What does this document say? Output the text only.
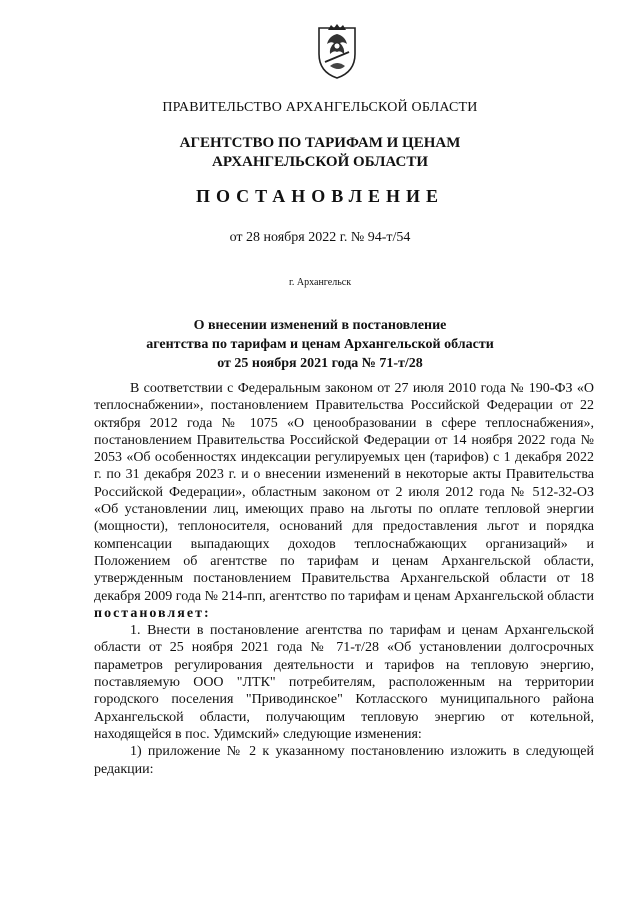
ПРАВИТЕЛЬСТВО АРХАНГЕЛЬСКОЙ ОБЛАСТИ
АГЕНТСТВО ПО ТАРИФАМ И ЦЕНАМ
АРХАНГЕЛЬСКОЙ ОБЛАСТИ
ПОСТАНОВЛЕНИЕ
от 28 ноября 2022 г. № 94-т/54
г. Архангельск
О внесении изменений в постановление
агентства по тарифам и ценам Архангельской области
от 25 ноября 2021 года № 71-т/28

В соответствии с Федеральным законом от 27 июля 2010 года № 190-ФЗ «О теплоснабжении», постановлением Правительства Российской Федерации от 22 октября 2012 года № 1075 «О ценообразовании в сфере теплоснабжения», постановлением Правительства Российской Федерации от 14 ноября 2022 года № 2053 «Об особенностях индексации регулируемых цен (тарифов) с 1 декабря 2022 г. по 31 декабря 2023 г. и о внесении изменений в некоторые акты Правительства Российской Федерации», областным законом от 2 июля 2012 года № 512-32-ОЗ «Об установлении лиц, имеющих право на льготы по оплате тепловой энергии (мощности), теплоносителя, оснований для предоставления льгот и порядка компенсации выпадающих доходов теплоснабжающих организаций» и Положением об агентстве по тарифам и ценам Архангельской области, утвержденным постановлением Правительства Архангельской области от 18 декабря 2009 года № 214-пп, агентство по тарифам и ценам Архангельской области постановляет:

1. Внести в постановление агентства по тарифам и ценам Архангельской области от 25 ноября 2021 года № 71-т/28 «Об установлении долгосрочных параметров регулирования деятельности и тарифов на тепловую энергию, поставляемую ООО "ЛТК" потребителям, расположенным на территории городского поселения "Приводинское" Котласского муниципального района Архангельской области, получающим тепловую энергию от котельной, находящейся в пос. Удимский» следующие изменения:

1) приложение № 2 к указанному постановлению изложить в следующей редакции:
